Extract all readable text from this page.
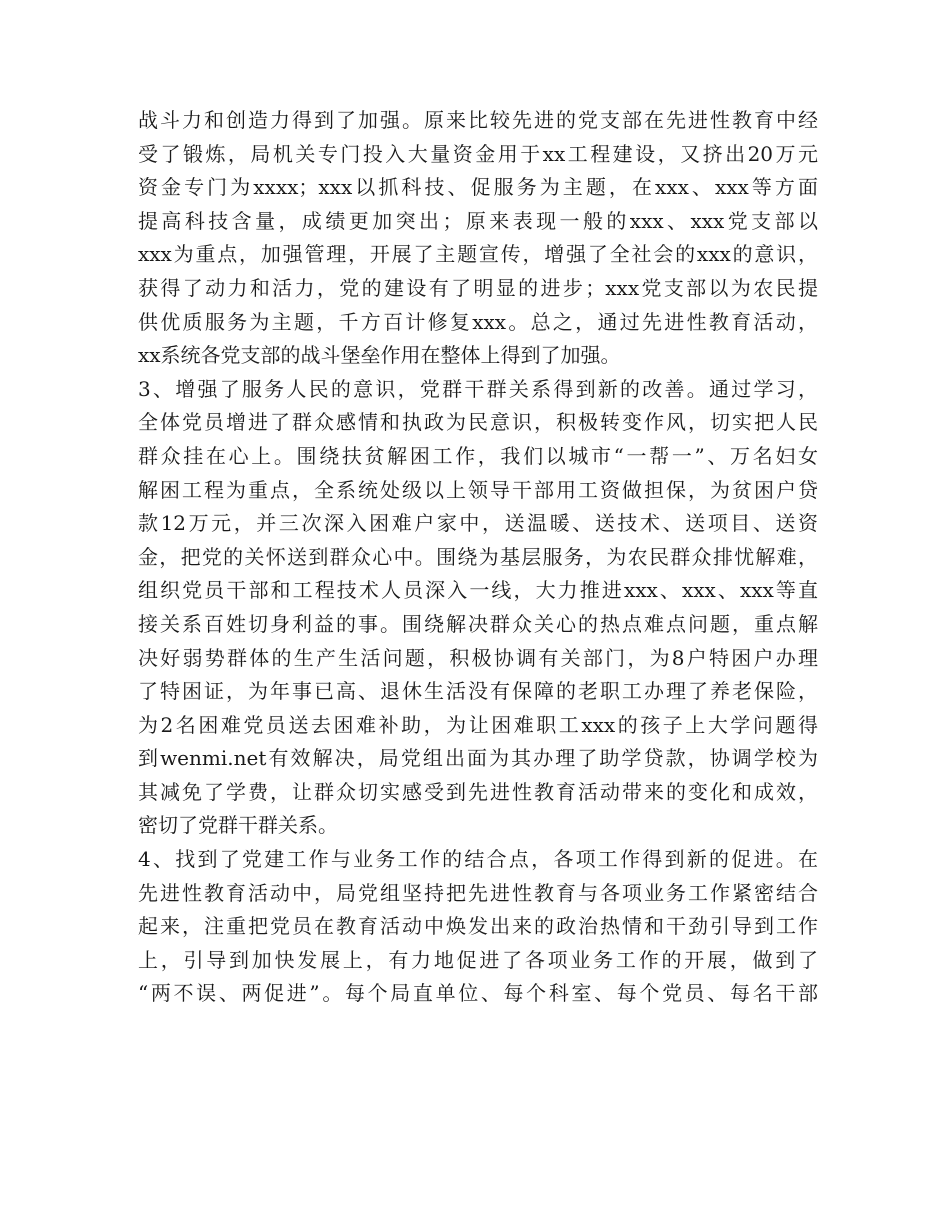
战斗力和创造力得到了加强。原来比较先进的党支部在先进性教育中经
受了锻炼，局机关专门投入大量资金用于xx工程建设，又挤出20万元
资金专门为xxxx；xxx以抓科技、促服务为主题，在xxx、xxx等方面
提高科技含量，成绩更加突出；原来表现一般的xxx、xxx党支部以
xxx为重点，加强管理，开展了主题宣传，增强了全社会的xxx的意识，
获得了动力和活力，党的建设有了明显的进步；xxx党支部以为农民提
供优质服务为主题，千方百计修复xxx。总之，通过先进性教育活动，
xx系统各党支部的战斗堡垒作用在整体上得到了加强。
3、增强了服务人民的意识，党群干群关系得到新的改善。通过学习，
全体党员增进了群众感情和执政为民意识，积极转变作风，切实把人民
群众挂在心上。围绕扶贫解困工作，我们以城市“一帮一”、万名妇女
解困工程为重点，全系统处级以上领导干部用工资做担保，为贫困户贷
款12万元，并三次深入困难户家中，送温暖、送技术、送项目、送资
金，把党的关怀送到群众心中。围绕为基层服务，为农民群众排忧解难，
组织党员干部和工程技术人员深入一线，大力推进xxx、xxx、xxx等直
接关系百姓切身利益的事。围绕解决群众关心的热点难点问题，重点解
决好弱势群体的生产生活问题，积极协调有关部门，为8户特困户办理
了特困证，为年事已高、退休生活没有保障的老职工办理了养老保险，
为2名困难党员送去困难补助，为让困难职工xxx的孩子上大学问题得
到wenmi.net有效解决，局党组出面为其办理了助学贷款，协调学校为
其减免了学费，让群众切实感受到先进性教育活动带来的变化和成效，
密切了党群干群关系。
4、找到了党建工作与业务工作的结合点，各项工作得到新的促进。在
先进性教育活动中，局党组坚持把先进性教育与各项业务工作紧密结合
起来，注重把党员在教育活动中焕发出来的政治热情和干劲引导到工作
上，引导到加快发展上，有力地促进了各项业务工作的开展，做到了
“两不误、两促进”。每个局直单位、每个科室、每个党员、每名干部
